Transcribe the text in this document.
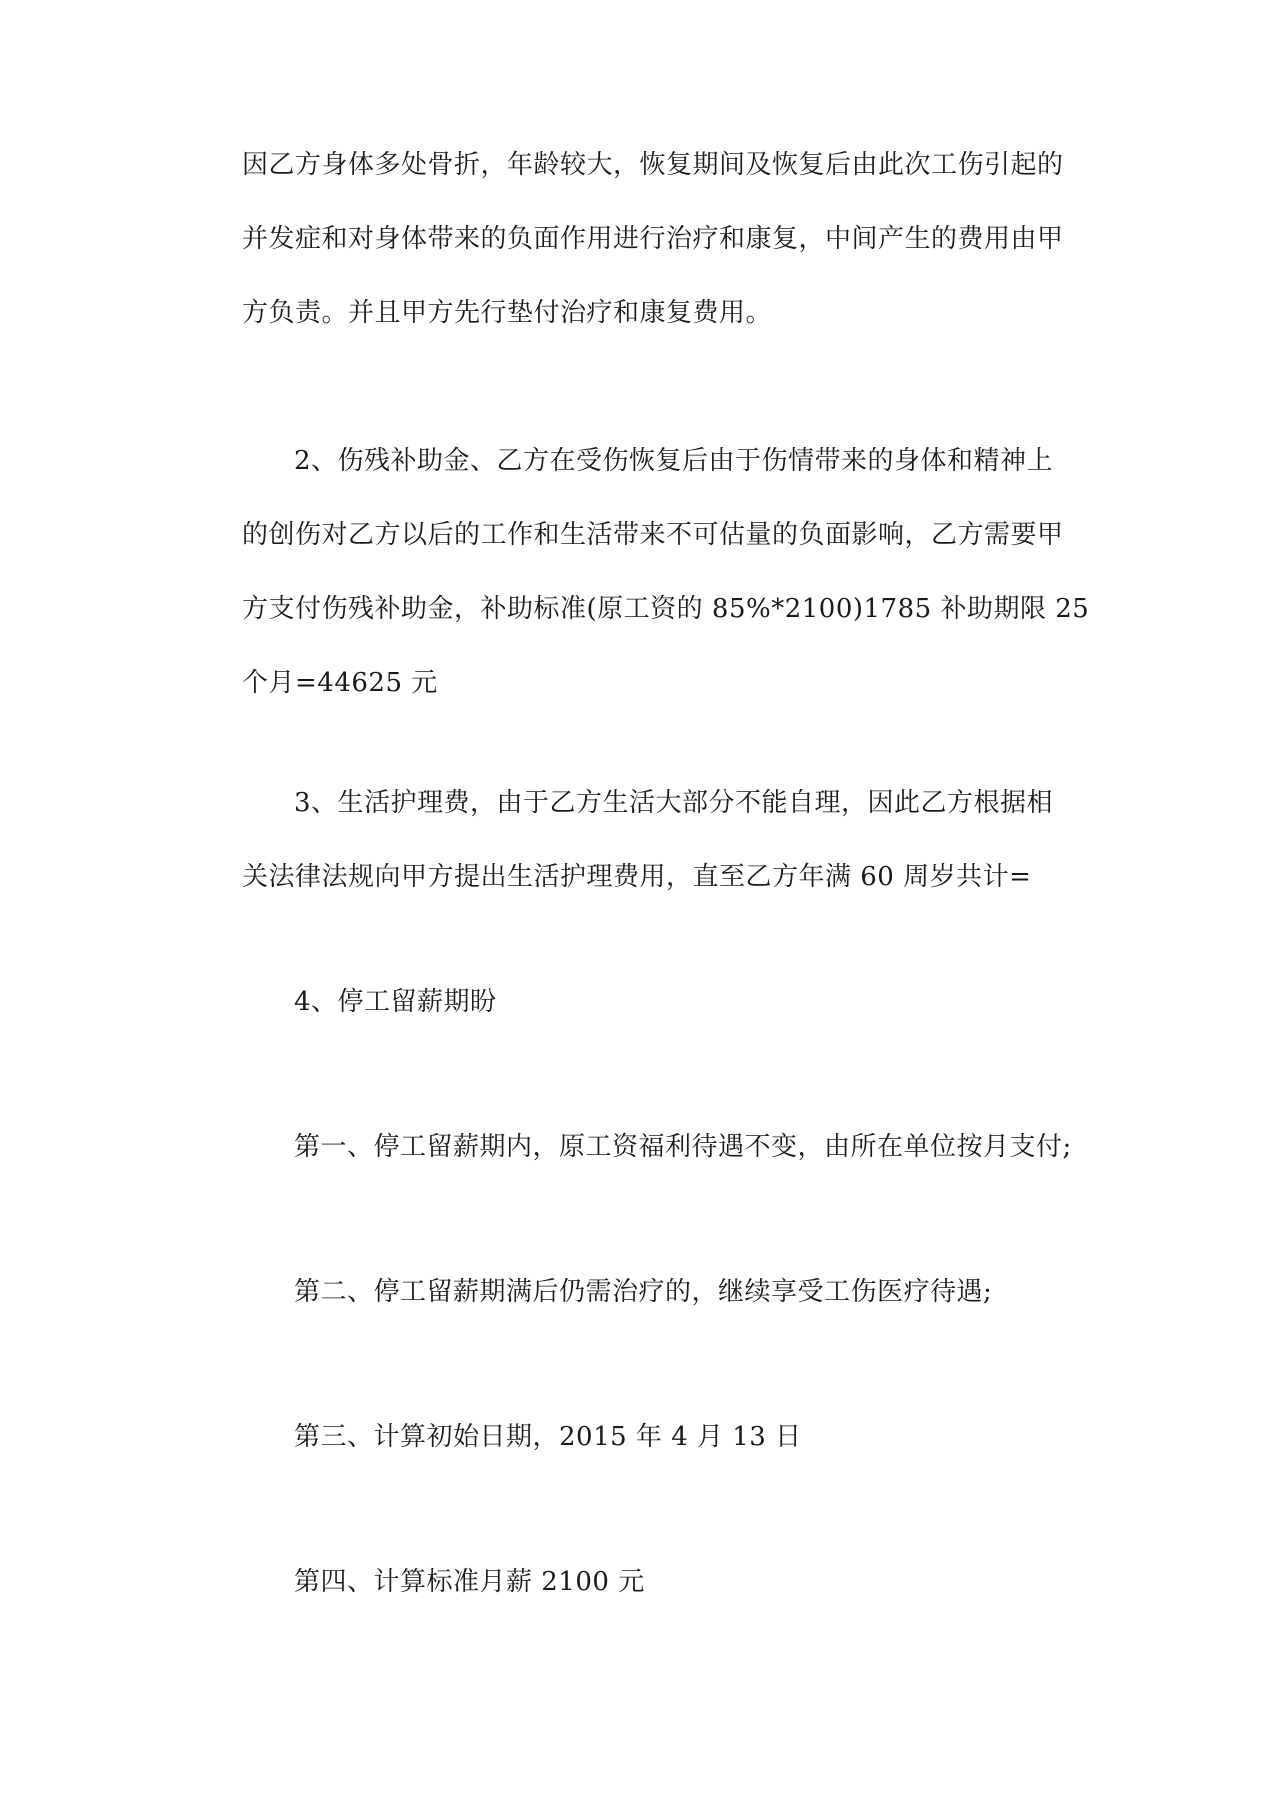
因乙方身体多处骨折，年龄较大，恢复期间及恢复后由此次工伤引起的
并发症和对身体带来的负面作用进行治疗和康复，中间产生的费用由甲
方负责。并且甲方先行垫付治疗和康复费用。
2、伤残补助金、乙方在受伤恢复后由于伤情带来的身体和精神上
的创伤对乙方以后的工作和生活带来不可估量的负面影响，乙方需要甲
方支付伤残补助金，补助标准(原工资的 85%*2100)1785 补助期限 25
个月=44625 元
3、生活护理费，由于乙方生活大部分不能自理，因此乙方根据相
关法律法规向甲方提出生活护理费用，直至乙方年满 60 周岁共计=
4、停工留薪期盼
第一、停工留薪期内，原工资福利待遇不变，由所在单位按月支付;
第二、停工留薪期满后仍需治疗的，继续享受工伤医疗待遇;
第三、计算初始日期，2015 年 4 月 13 日
第四、计算标准月薪 2100 元
